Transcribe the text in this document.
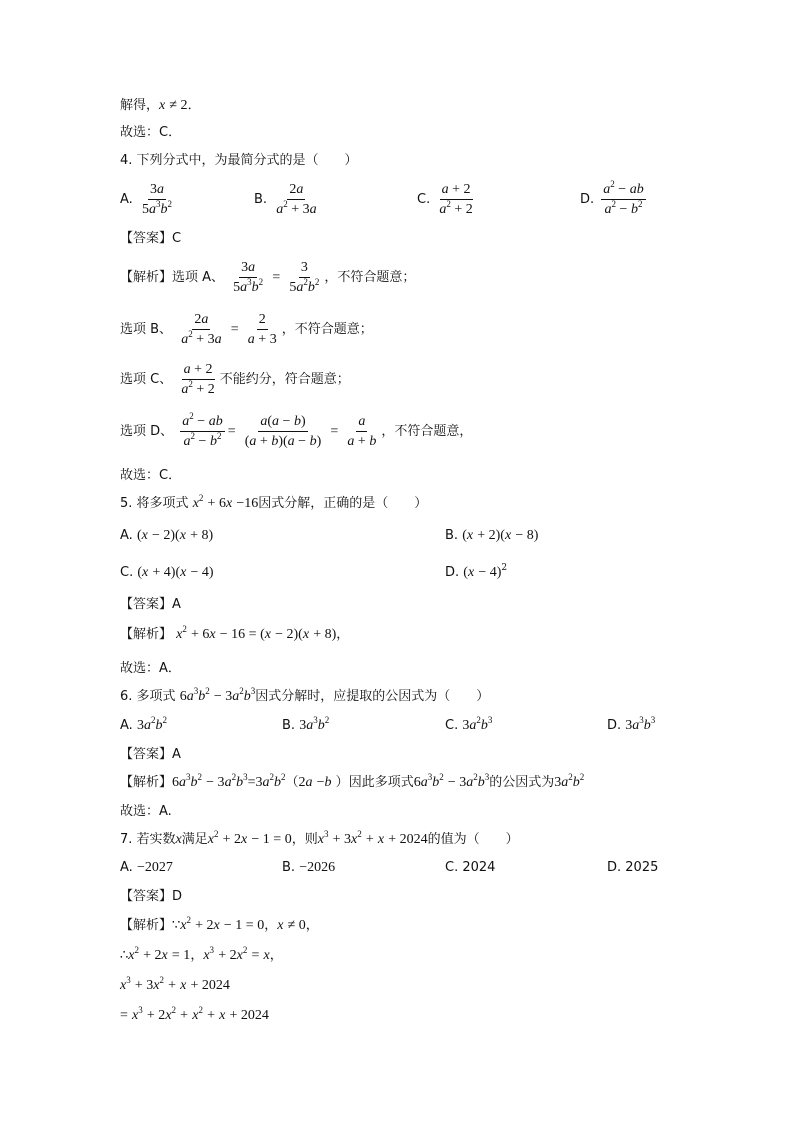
解得，x ≠ 2．
故选：C．
4. 下列分式中，为最简分式的是（　　）
A. $\frac{3a}{5a^3b^2}$	B. $\frac{2a}{a^2 + 3a}$	C. $\frac{a + 2}{a^2 + 2}$	D. $\frac{a^2 - ab}{a^2 - b^2}$
【答案】C
【解析】选项 A、 $\frac{3a}{5a^3b^2} = \frac{3}{5a^2b^2}$ ，不符合题意；
选项 B、 $\frac{2a}{a^2 + 3a} = \frac{2}{a + 3}$ ，不符合题意；
选项 C、 $\frac{a + 2}{a^2 + 2}$ 不能约分，符合题意；
选项 D、 $\frac{a^2 - ab}{a^2 - b^2} = \frac{a(a - b)}{(a + b)(a - b)} = \frac{a}{a + b}$ ，不符合题意，
故选：C．
5. 将多项式 $x^2 + 6x -16$因式分解，正确的是（　　）
A. (x − 2)(x + 8)	B. (x + 2)(x − 8)
C. (x + 4)(x − 4)	D. $(x - 4)^2$
【答案】A
【解析】 $x^2 + 6x - 16 = (x - 2)(x + 8)$，
故选：A．
6. 多项式 $6a^3b^2 - 3a^2b^3$因式分解时，应提取的公因式为（　　）
A. $3a^2b^2$	B. $3a^3b^2$	C. $3a^2b^3$	D. $3a^3b^3$
【答案】A
【解析】$6a^3b^2 - 3a^2b^3=3a^2b^2(2a -b$ ）因此多项式$6a^3b^2 - 3a^2b^3$的公因式为$3a^2b^2$
故选：A.
7. 若实数x满足$x^2 + 2x - 1 = 0$，则$x^3 + 3x^2 + x + 2024$的值为（　　）
A. −2027	B. −2026	C. 2024	D. 2025
【答案】D
【解析】$\because x^2 + 2x - 1 = 0$，x ≠ 0，
$\therefore x^2 + 2x = 1$，$x^3 + 2x^2 = x$，
$x^3 + 3x^2 + x + 2024$
= $x^3 + 2x^2 + x^2 + x + 2024$
